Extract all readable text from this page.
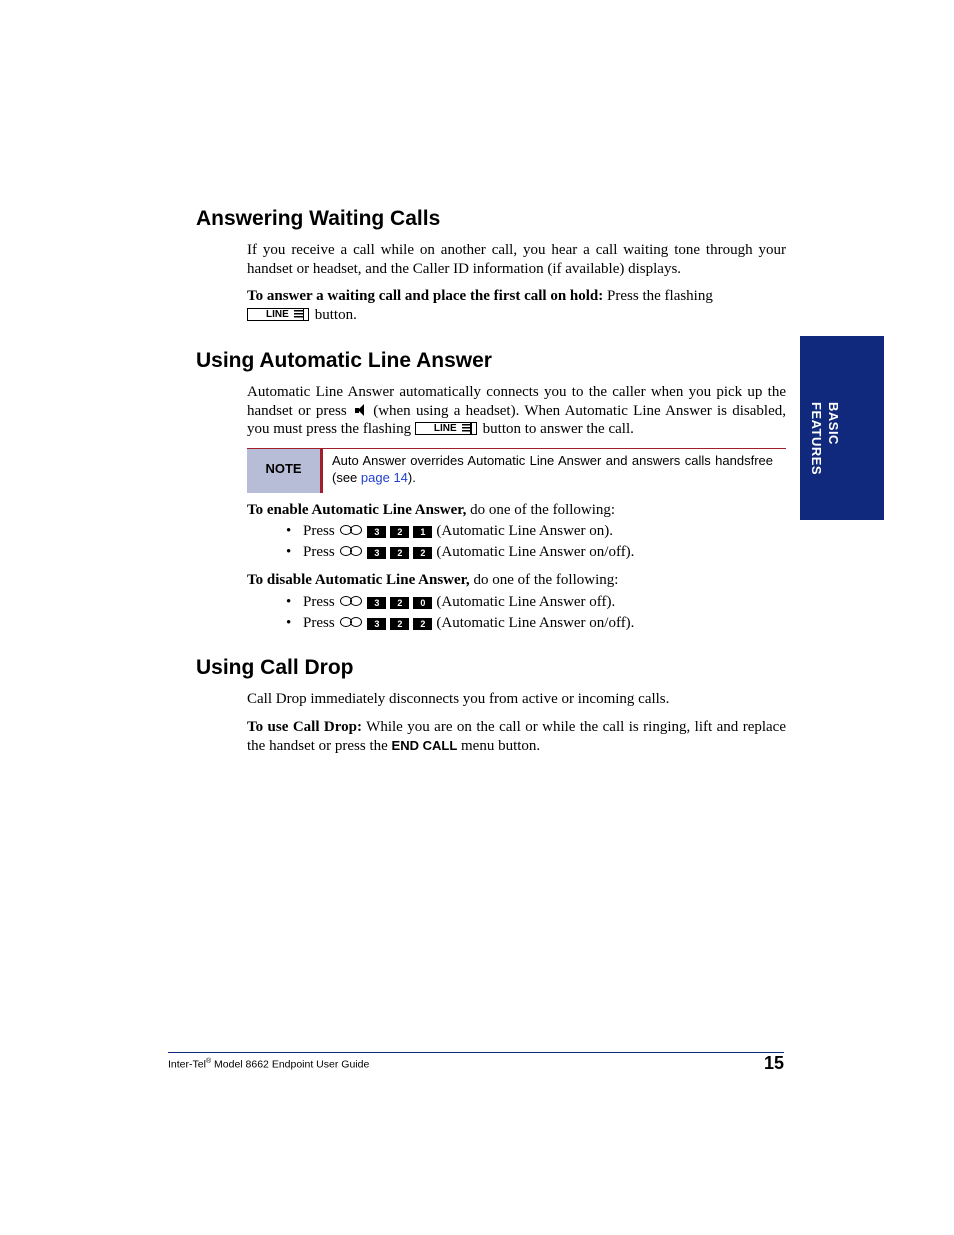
Answering Waiting Calls

If you receive a call while on another call, you hear a call waiting tone through your handset or headset, and the Caller ID information (if available) displays.

To answer a waiting call and place the first call on hold: Press the flashing

LINE button.

Using Automatic Line Answer

Automatic Line Answer automatically connects you to the caller when you pick up the handset or press  (when using a headset). When Automatic Line Answer is disabled, you must press the flashing LINE button to answer the call.

NOTE

Auto Answer overrides Automatic Line Answer and answers calls handsfree (see page 14).

To enable Automatic Line Answer, do one of the following:

• Press	3 2 1 (Automatic Line Answer on).

• Press	3 2 2 (Automatic Line Answer on/off).

To disable Automatic Line Answer, do one of the following:

• Press	3 2 0 (Automatic Line Answer off).

• Press	3 2 2 (Automatic Line Answer on/off).

Using Call Drop

Call Drop immediately disconnects you from active or incoming calls.

To use Call Drop: While you are on the call or while the call is ringing, lift and replace the handset or press the END CALL menu button.

BASIC
FEATURES
Inter-Tel® Model 8662 Endpoint User Guide	15
